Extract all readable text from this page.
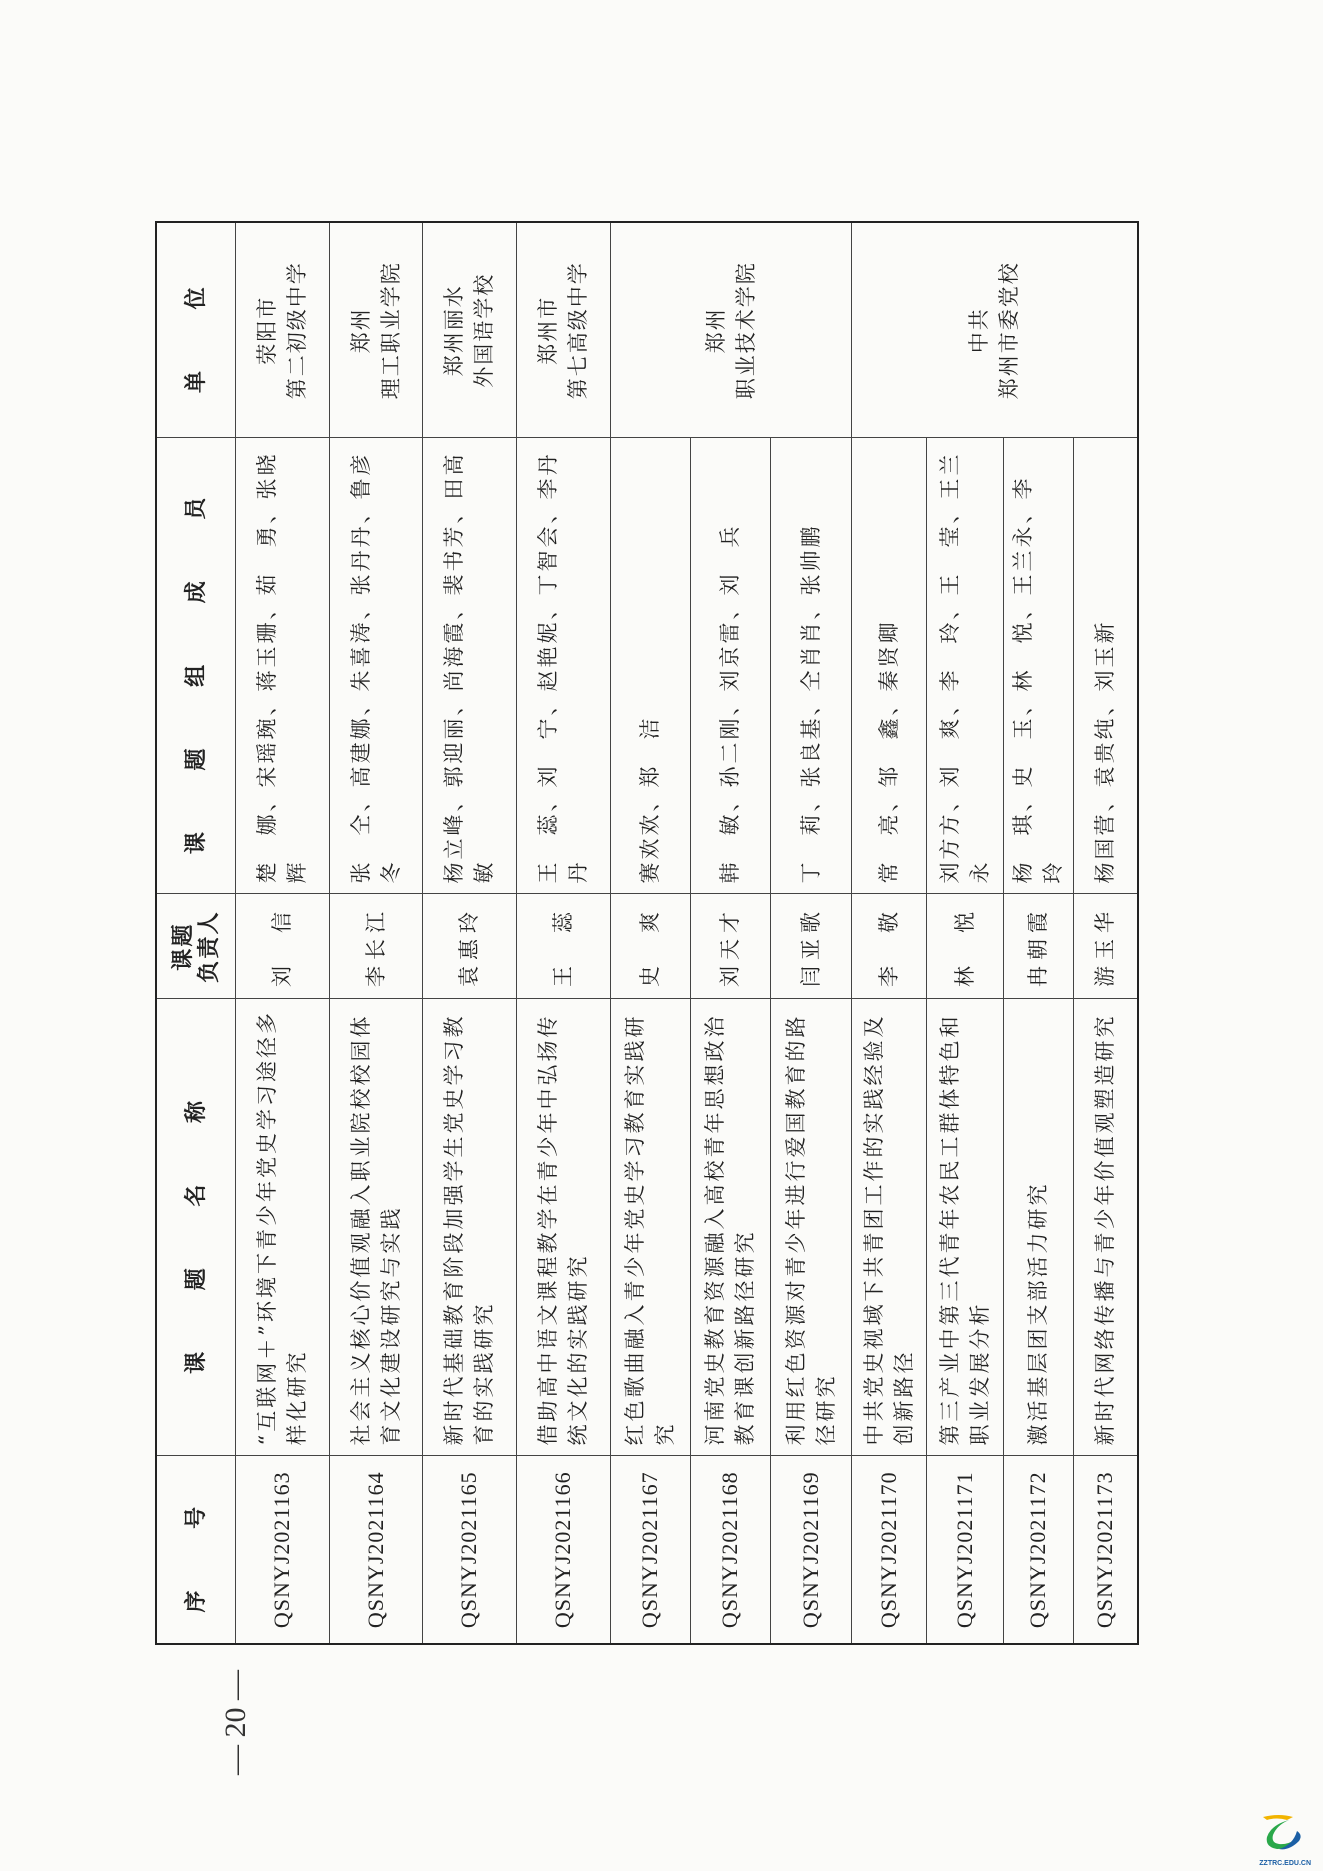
序　号	课　题　名　称	课题
负责人	课　题　组　成　员	单　位
QSNYJ2021163	“互联网＋”环境下青少年党史学习途径多样化研究	刘　信	楚　娜、宋瑶琬、蒋玉珊、茹　勇、张晓辉	荥阳市
第二初级中学
QSNYJ2021164	社会主义核心价值观融入职业院校校园体育文化建设研究与实践	李长江	张　仝、高建娜、朱喜涛、张丹丹、鲁彦冬	郑州
理工职业学院
QSNYJ2021165	新时代基础教育阶段加强学生党史学习教育的实践研究	袁惠玲	杨立峰、郭迎丽、尚海霞、裴书芳、田高敏	郑州丽水
外国语学校
QSNYJ2021166	借助高中语文课程教学在青少年中弘扬传统文化的实践研究	王　蕊	王　蕊、刘　宁、赵艳妮、丁智会、李丹丹	郑州市
第七高级中学
QSNYJ2021167	红色歌曲融入青少年党史学习教育实践研究	史　爽	赛欢欢、郑　洁	郑州
职业技术学院
QSNYJ2021168	河南党史教育资源融入高校青年思想政治教育课创新路径研究	刘天才	韩　敏、孙二刚、刘京雷、刘　兵	
QSNYJ2021169	利用红色资源对青少年进行爱国教育的路径研究	闫亚歌	丁　莉、张良基、仝肖肖、张帅鹏	
QSNYJ2021170	中共党史视域下共青团工作的实践经验及创新路径	李　敬	常　亮、邹　鑫、秦贤卿	中共
郑州市委党校
QSNYJ2021171	第三产业中第三代青年农民工群体特色和职业发展分析	林　悦	刘方方、刘　爽、李　玲、王　莹、王兰永	
QSNYJ2021172	激活基层团支部活力研究	冉朝霞	杨　琪、史　玉、林　悦、王兰永、李　玲	
QSNYJ2021173	新时代网络传播与青少年价值观塑造研究	游玉华	杨国营、袁贵纯、刘玉新	
— 20 —
ZZTRC.EDU.CN
